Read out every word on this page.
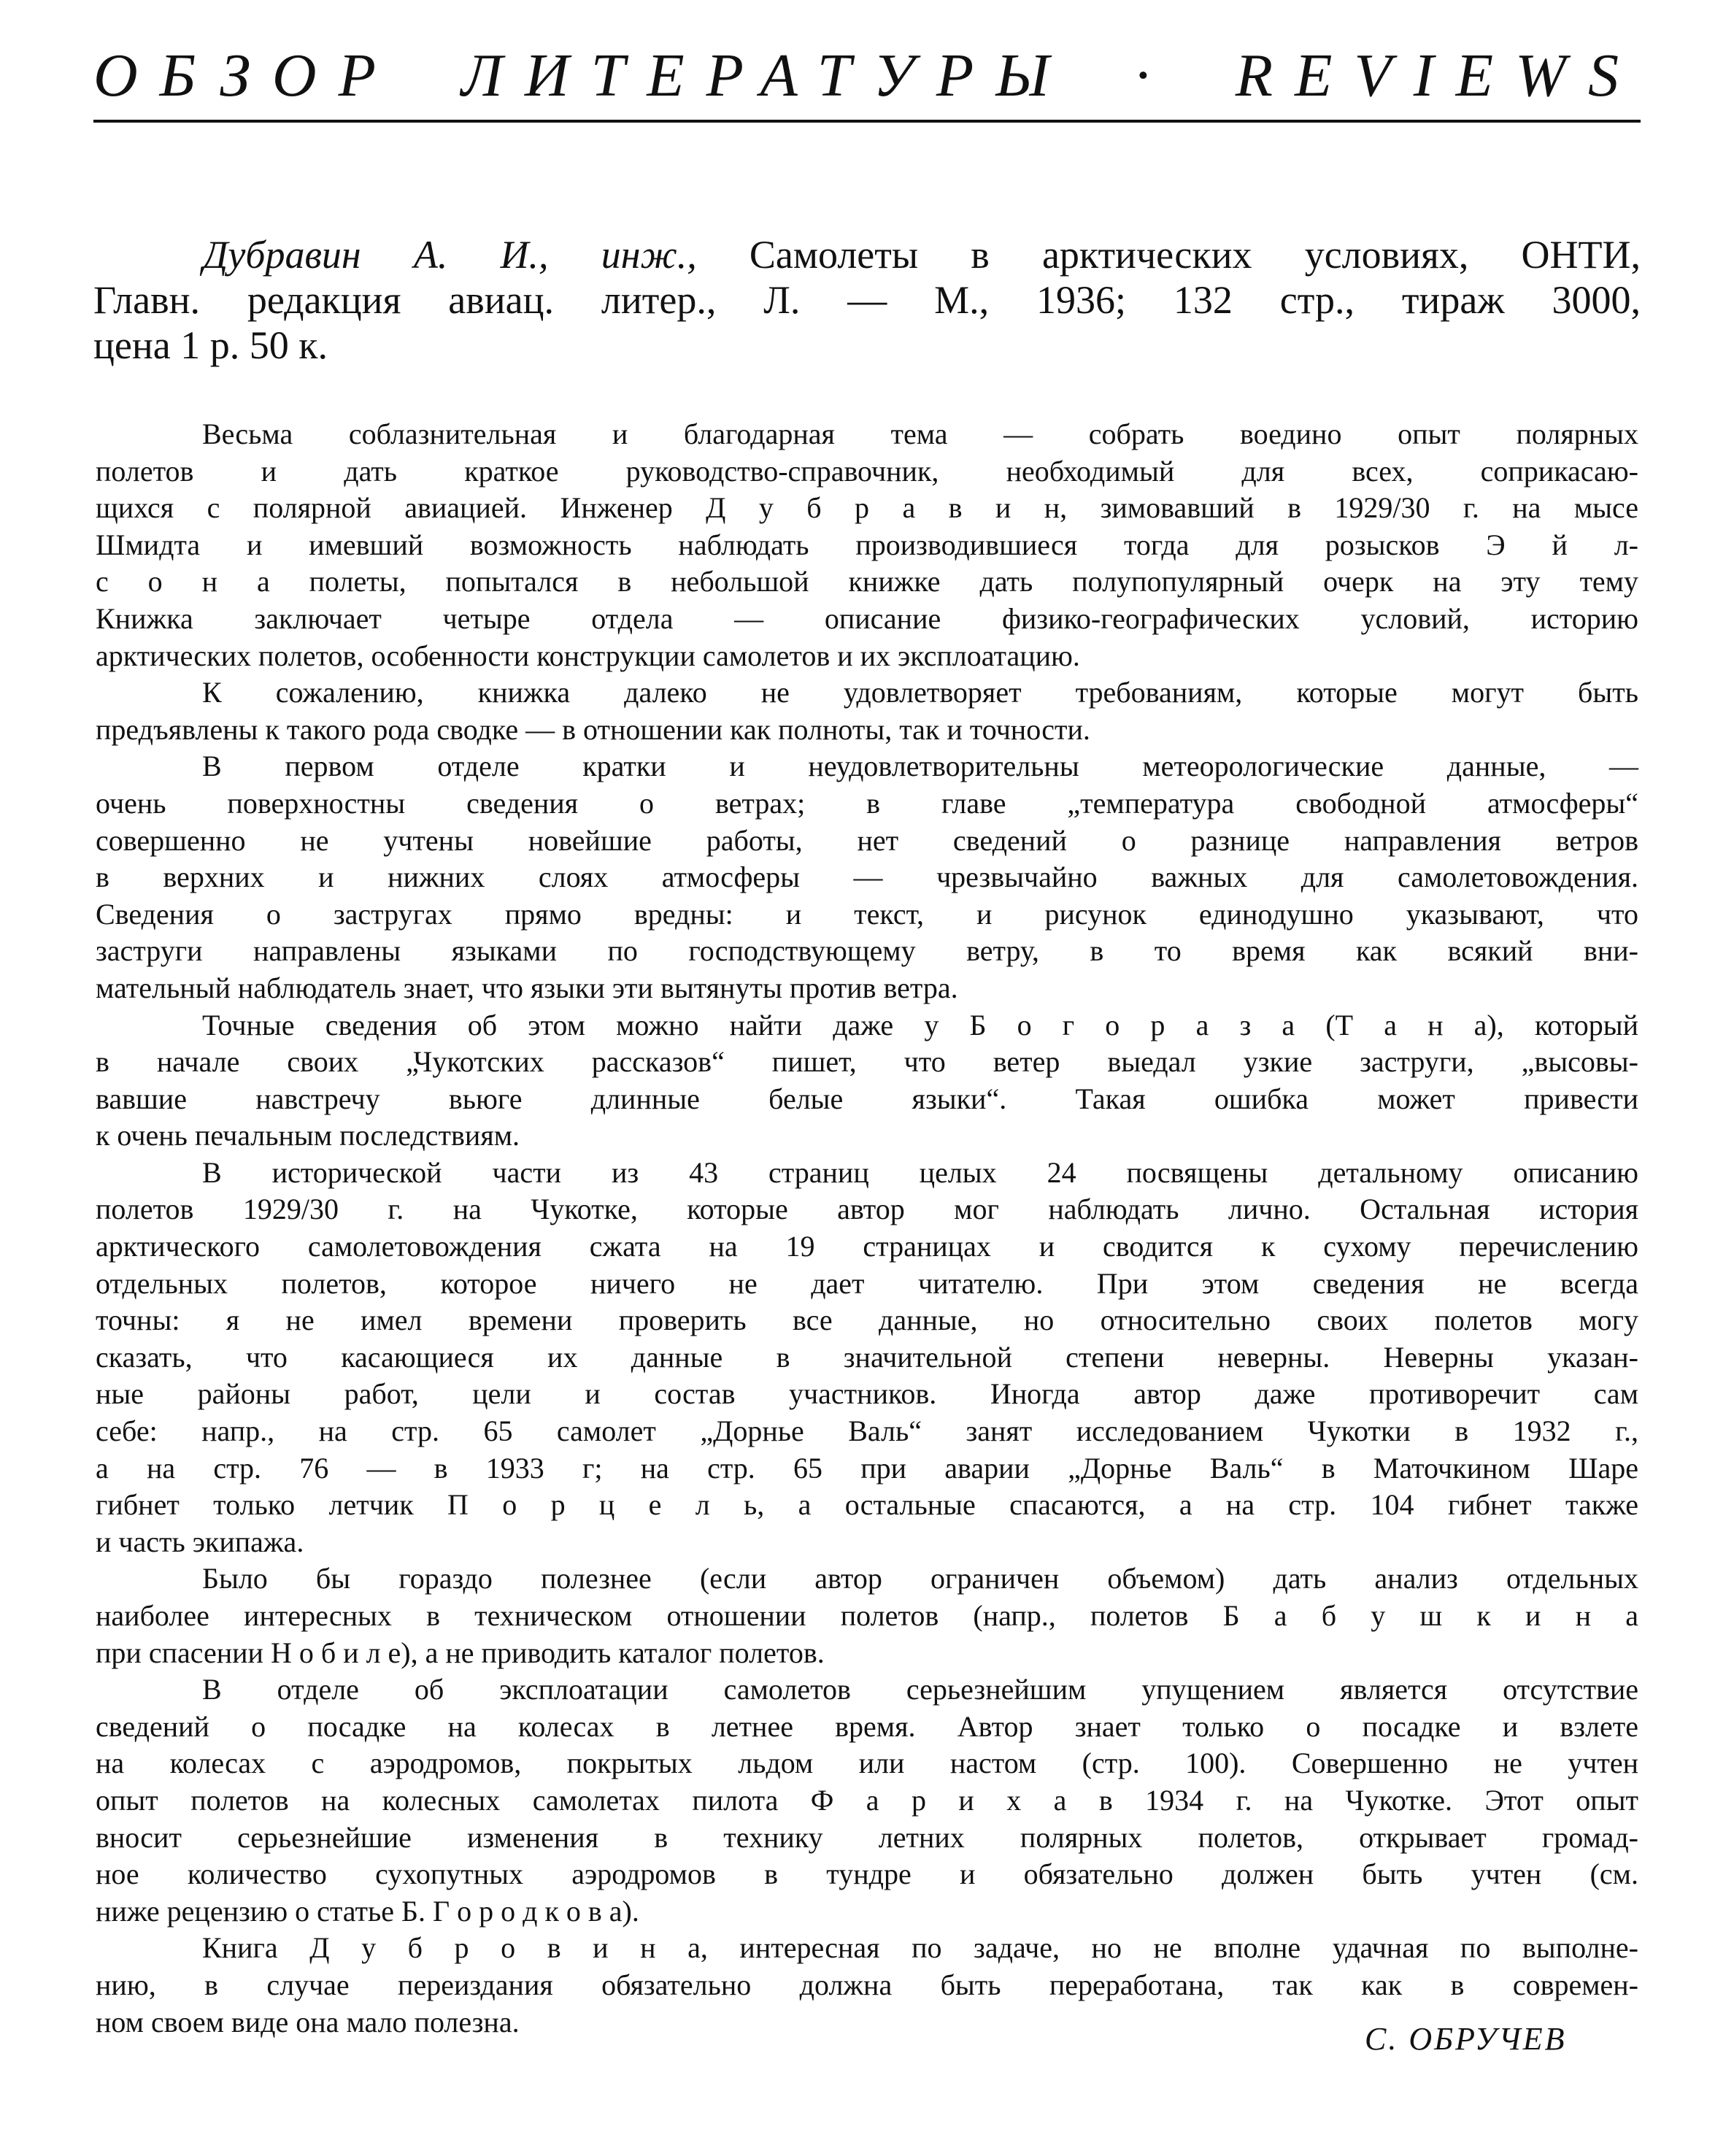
ОБЗОР ЛИТЕРАТУРЫ · REVIEWS
Дубравин А. И., инж., Самолеты в арктических условиях, ОНТИ,
Главн. редакция авиац. литер., Л. — М., 1936; 132 стр., тираж 3000,
цена 1 р. 50 к.
Весьма соблазнительная и благодарная тема — собрать воедино опыт полярных
полетов и дать краткое руководство-справочник, необходимый для всех, соприкасаю-
щихся с полярной авиацией. Инженер Д у б р а в и н, зимовавший в 1929/30 г. на мысе
Шмидта и имевший возможность наблюдать производившиеся тогда для розысков Э й л-
с о н а полеты, попытался в небольшой книжке дать полупопулярный очерк на эту тему
Книжка заключает четыре отдела — описание физико-географических условий, историю
арктических полетов, особенности конструкции самолетов и их эксплоатацию.
К сожалению, книжка далеко не удовлетворяет требованиям, которые могут быть
предъявлены к такого рода сводке — в отношении как полноты, так и точности.
В первом отделе кратки и неудовлетворительны метеорологические данные, —
очень поверхностны сведения о ветрах; в главе „температура свободной атмосферы“
совершенно не учтены новейшие работы, нет сведений о разнице направления ветров
в верхних и нижних слоях атмосферы — чрезвычайно важных для самолетовождения.
Сведения о застругах прямо вредны: и текст, и рисунок единодушно указывают, что
заструги направлены языками по господствующему ветру, в то время как всякий вни-
мательный наблюдатель знает, что языки эти вытянуты против ветра.
Точные сведения об этом можно найти даже у Б о г о р а з а (Т а н а), который
в начале своих „Чукотских рассказов“ пишет, что ветер выедал узкие заструги, „высовы-
вавшие навстречу вьюге длинные белые языки“. Такая ошибка может привести
к очень печальным последствиям.
В исторической части из 43 страниц целых 24 посвящены детальному описанию
полетов 1929/30 г. на Чукотке, которые автор мог наблюдать лично. Остальная история
арктического самолетовождения сжата на 19 страницах и сводится к сухому перечислению
отдельных полетов, которое ничего не дает читателю. При этом сведения не всегда
точны: я не имел времени проверить все данные, но относительно своих полетов могу
сказать, что касающиеся их данные в значительной степени неверны. Неверны указан-
ные районы работ, цели и состав участников. Иногда автор даже противоречит сам
себе: напр., на стр. 65 самолет „Дорнье Валь“ занят исследованием Чукотки в 1932 г.,
а на стр. 76 — в 1933 г; на стр. 65 при аварии „Дорнье Валь“ в Маточкином Шаре
гибнет только летчик П о р ц е л ь, а остальные спасаются, а на стр. 104 гибнет также
и часть экипажа.
Было бы гораздо полезнее (если автор ограничен объемом) дать анализ отдельных
наиболее интересных в техническом отношении полетов (напр., полетов Б а б у ш к и н а
при спасении Н о б и л е), а не приводить каталог полетов.
В отделе об эксплоатации самолетов серьезнейшим упущением является отсутствие
сведений о посадке на колесах в летнее время. Автор знает только о посадке и взлете
на колесах с аэродромов, покрытых льдом или настом (стр. 100). Совершенно не учтен
опыт полетов на колесных самолетах пилота Ф а р и х а в 1934 г. на Чукотке. Этот опыт
вносит серьезнейшие изменения в технику летних полярных полетов, открывает громад-
ное количество сухопутных аэродромов в тундре и обязательно должен быть учтен (см.
ниже рецензию о статье Б. Г о р о д к о в а).
Книга Д у б р о в и н а, интересная по задаче, но не вполне удачная по выполне-
нию, в случае переиздания обязательно должна быть переработана, так как в современ-
ном своем виде она мало полезна.	С. ОБРУЧЕВ
